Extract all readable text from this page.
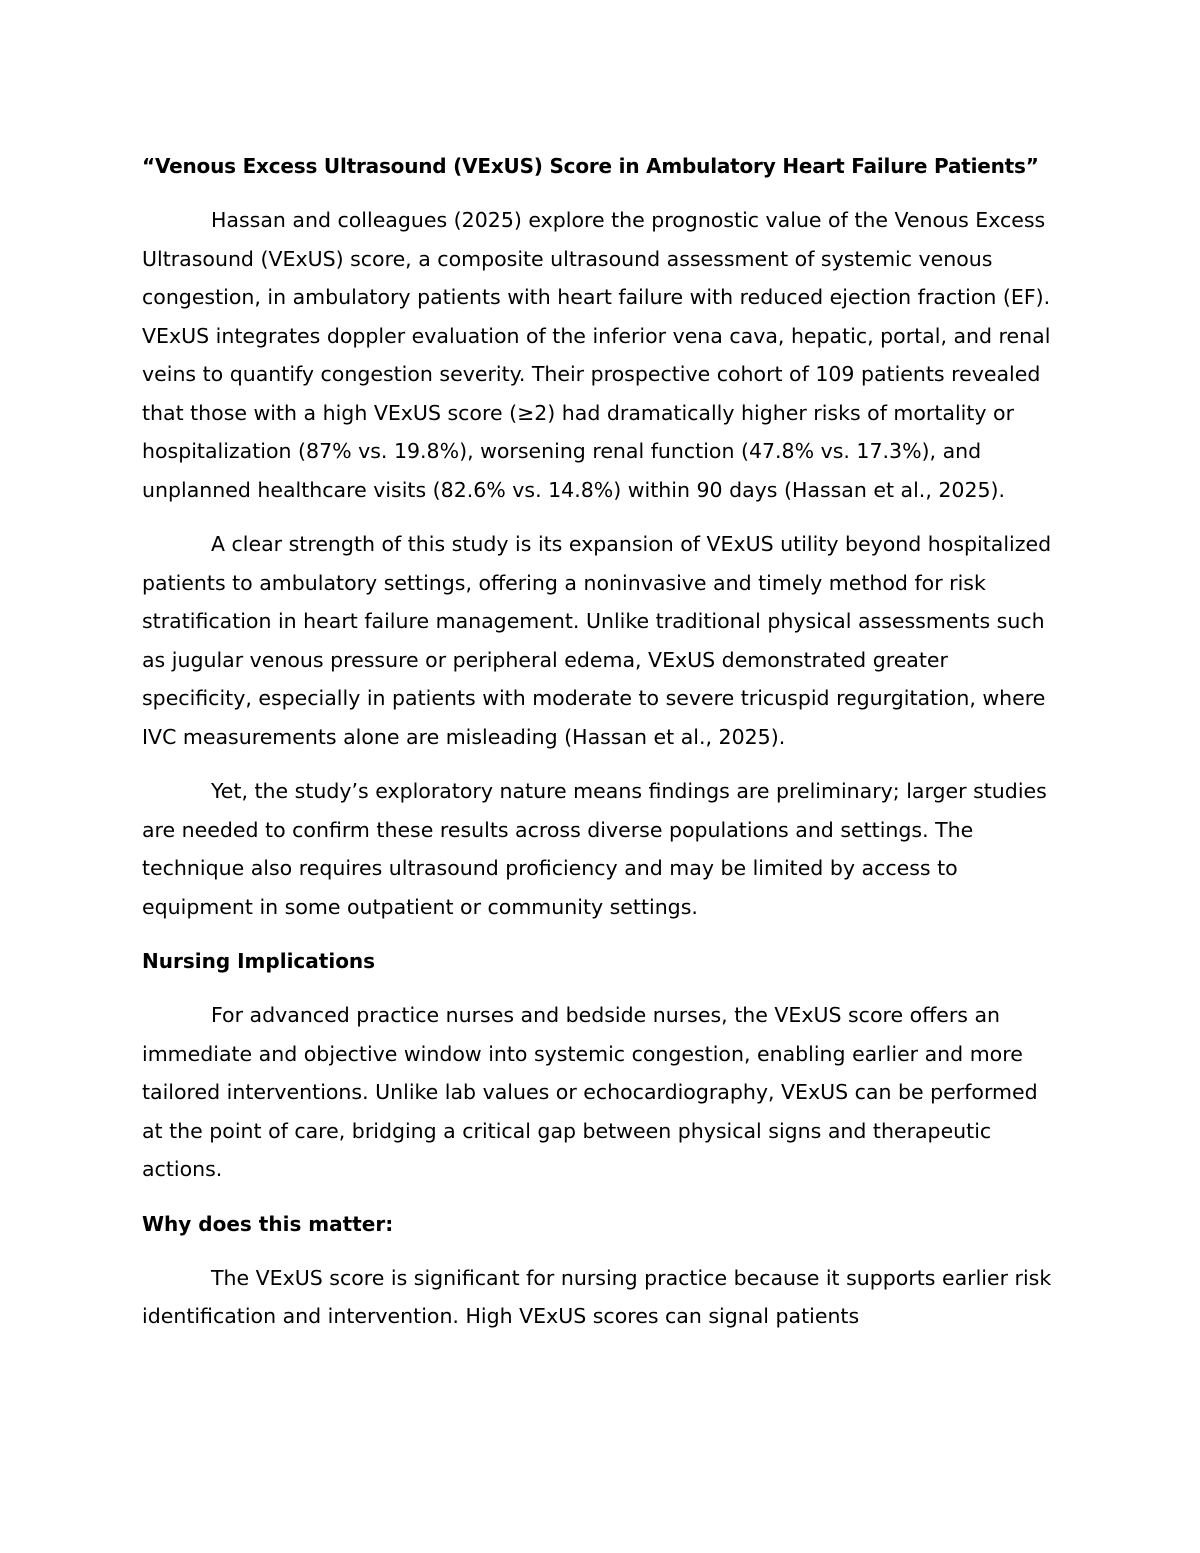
“Venous Excess Ultrasound (VExUS) Score in Ambulatory Heart Failure Patients”

Hassan and colleagues (2025) explore the prognostic value of the Venous Excess Ultrasound (VExUS) score, a composite ultrasound assessment of systemic venous congestion, in ambulatory patients with heart failure with reduced ejection fraction (EF). VExUS integrates doppler evaluation of the inferior vena cava, hepatic, portal, and renal veins to quantify congestion severity. Their prospective cohort of 109 patients revealed that those with a high VExUS score (≥2) had dramatically higher risks of mortality or hospitalization (87% vs. 19.8%), worsening renal function (47.8% vs. 17.3%), and unplanned healthcare visits (82.6% vs. 14.8%) within 90 days (Hassan et al., 2025).

A clear strength of this study is its expansion of VExUS utility beyond hospitalized patients to ambulatory settings, offering a noninvasive and timely method for risk stratification in heart failure management. Unlike traditional physical assessments such as jugular venous pressure or peripheral edema, VExUS demonstrated greater specificity, especially in patients with moderate to severe tricuspid regurgitation, where IVC measurements alone are misleading (Hassan et al., 2025).

Yet, the study’s exploratory nature means findings are preliminary; larger studies are needed to confirm these results across diverse populations and settings. The technique also requires ultrasound proficiency and may be limited by access to equipment in some outpatient or community settings.

Nursing Implications

For advanced practice nurses and bedside nurses, the VExUS score offers an immediate and objective window into systemic congestion, enabling earlier and more tailored interventions. Unlike lab values or echocardiography, VExUS can be performed at the point of care, bridging a critical gap between physical signs and therapeutic actions.

Why does this matter:

The VExUS score is significant for nursing practice because it supports earlier risk identification and intervention. High VExUS scores can signal patients
